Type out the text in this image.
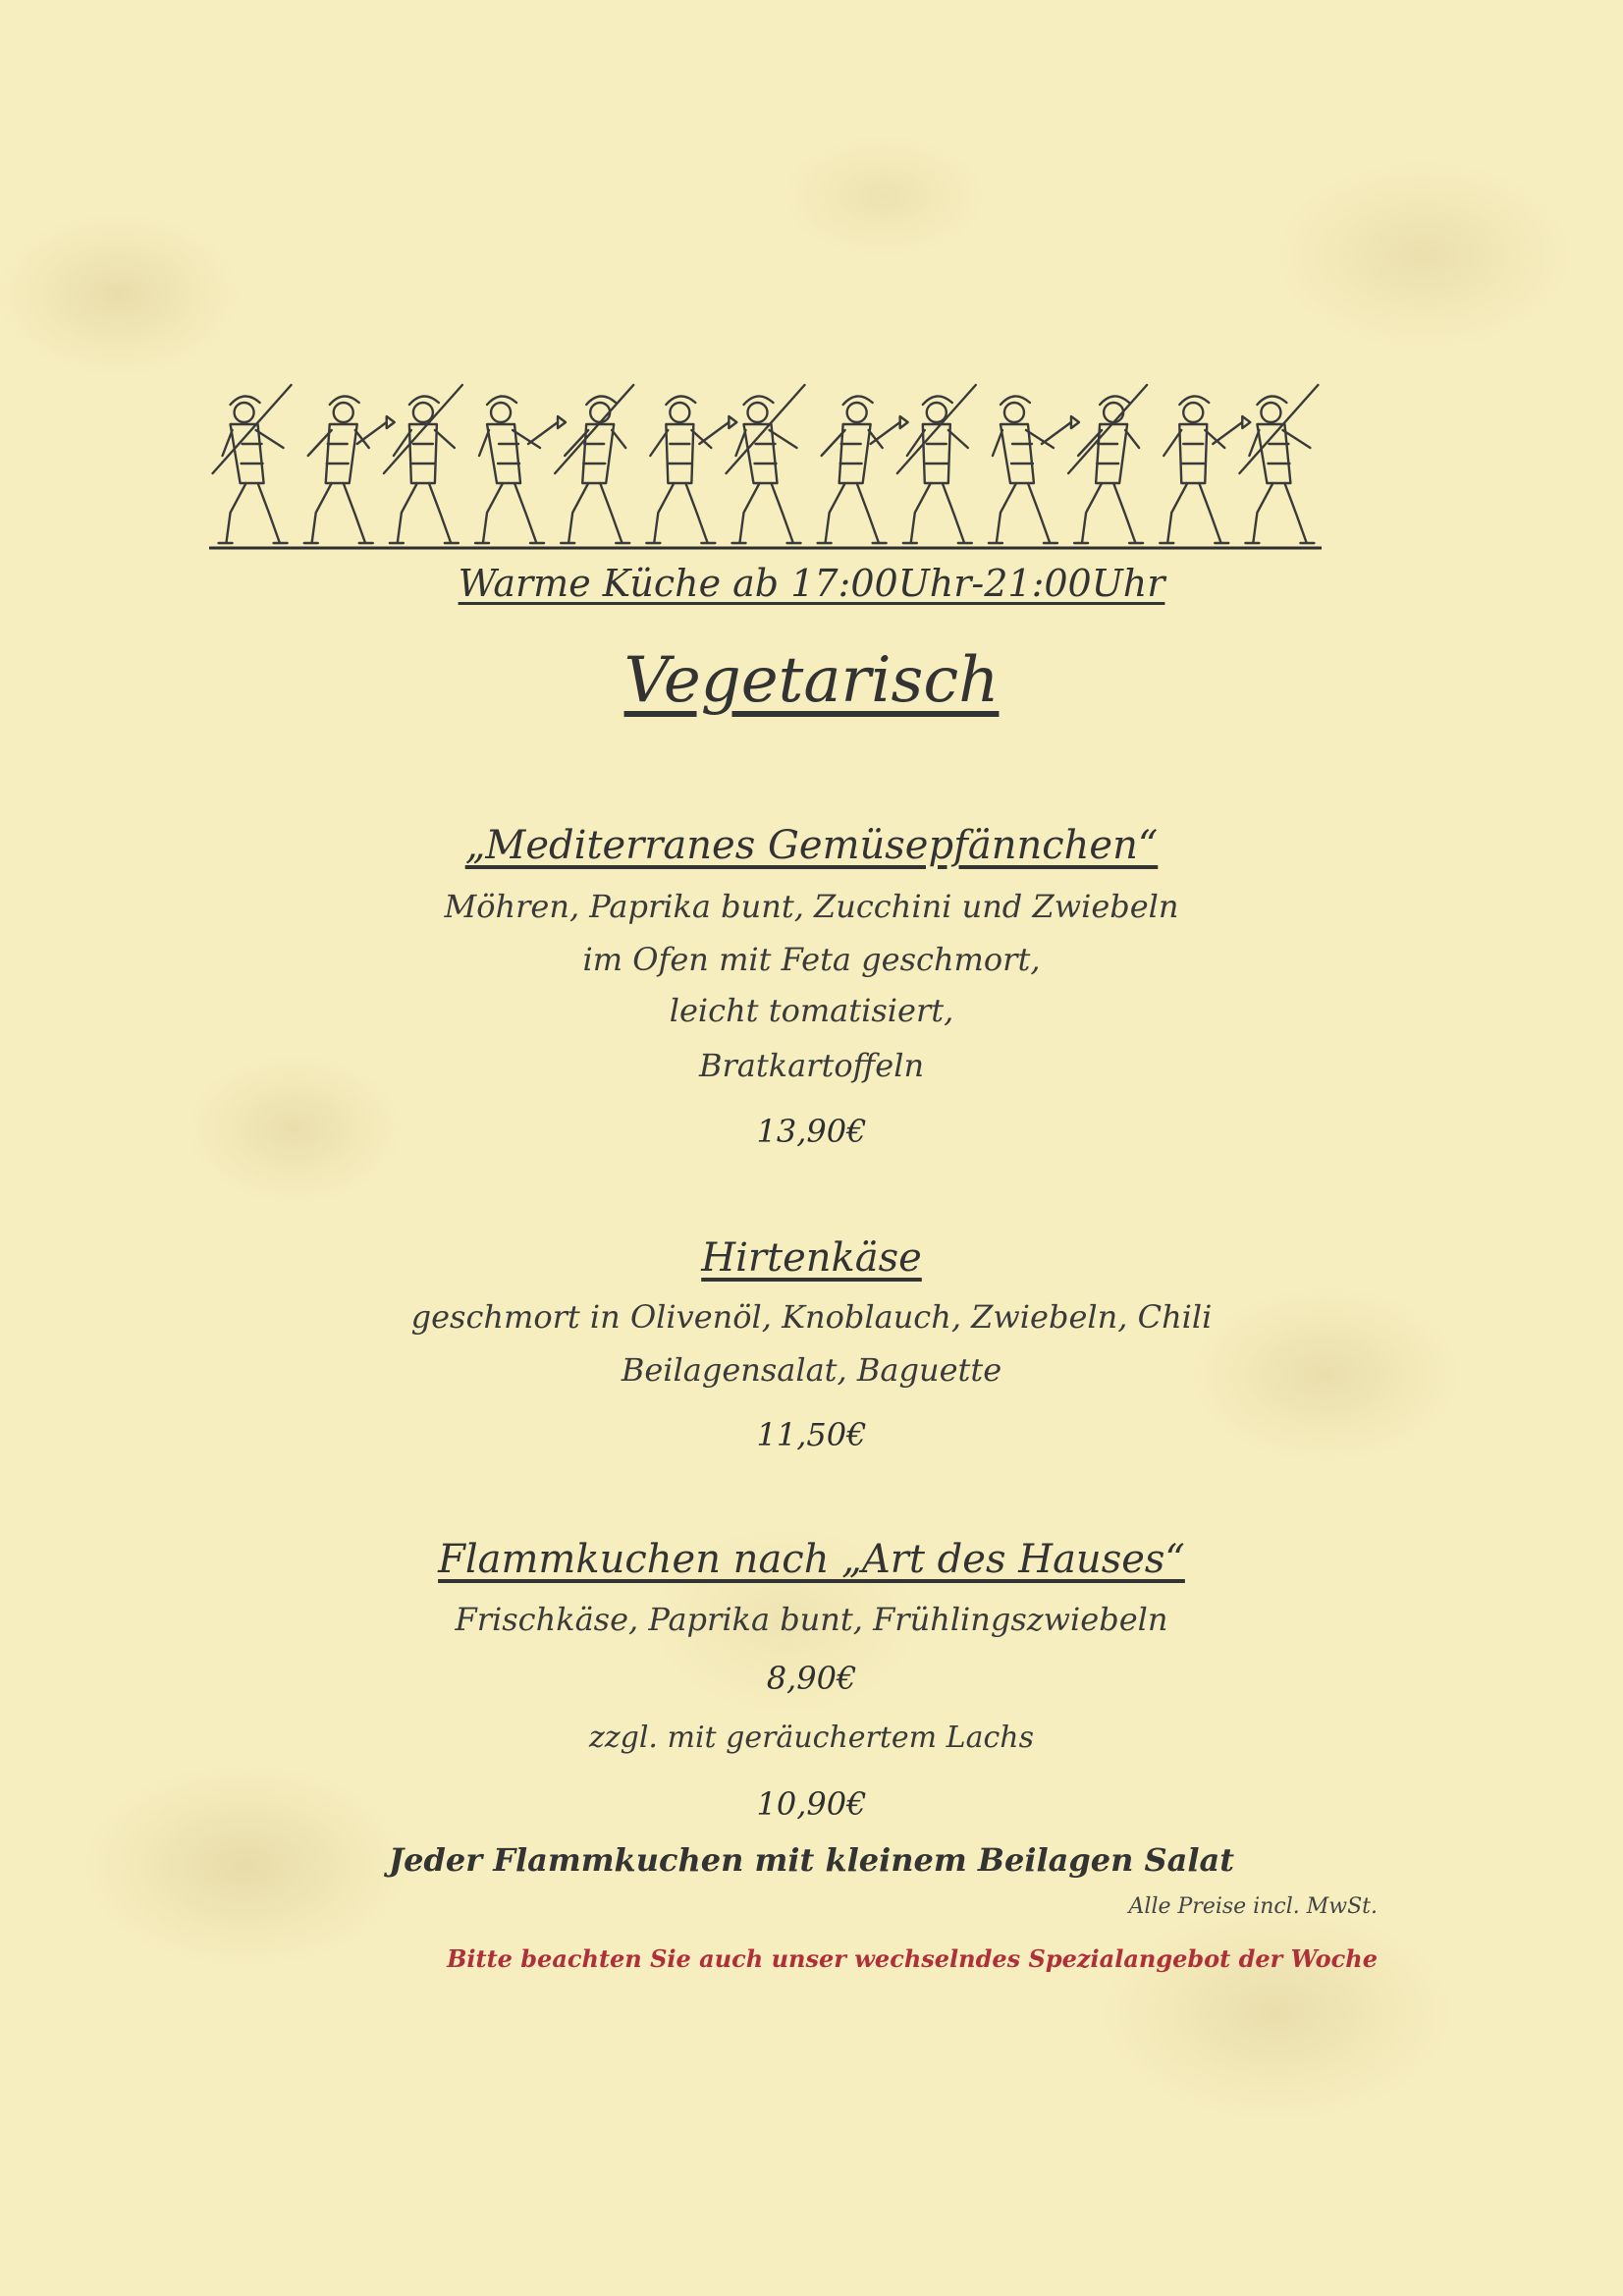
Warme Küche ab 17:00Uhr-21:00Uhr
Vegetarisch
„Mediterranes Gemüsepfännchen“
Möhren, Paprika bunt, Zucchini und Zwiebeln
im Ofen mit Feta geschmort,
leicht tomatisiert,
Bratkartoffeln
13,90€
Hirtenkäse
geschmort in Olivenöl, Knoblauch, Zwiebeln, Chili
Beilagensalat, Baguette
11,50€
Flammkuchen nach „Art des Hauses“
Frischkäse, Paprika bunt, Frühlingszwiebeln
8,90€
zzgl. mit geräuchertem Lachs
10,90€
Jeder Flammkuchen mit kleinem Beilagen Salat
Alle Preise incl. MwSt.
Bitte beachten Sie auch unser wechselndes Spezialangebot der Woche
